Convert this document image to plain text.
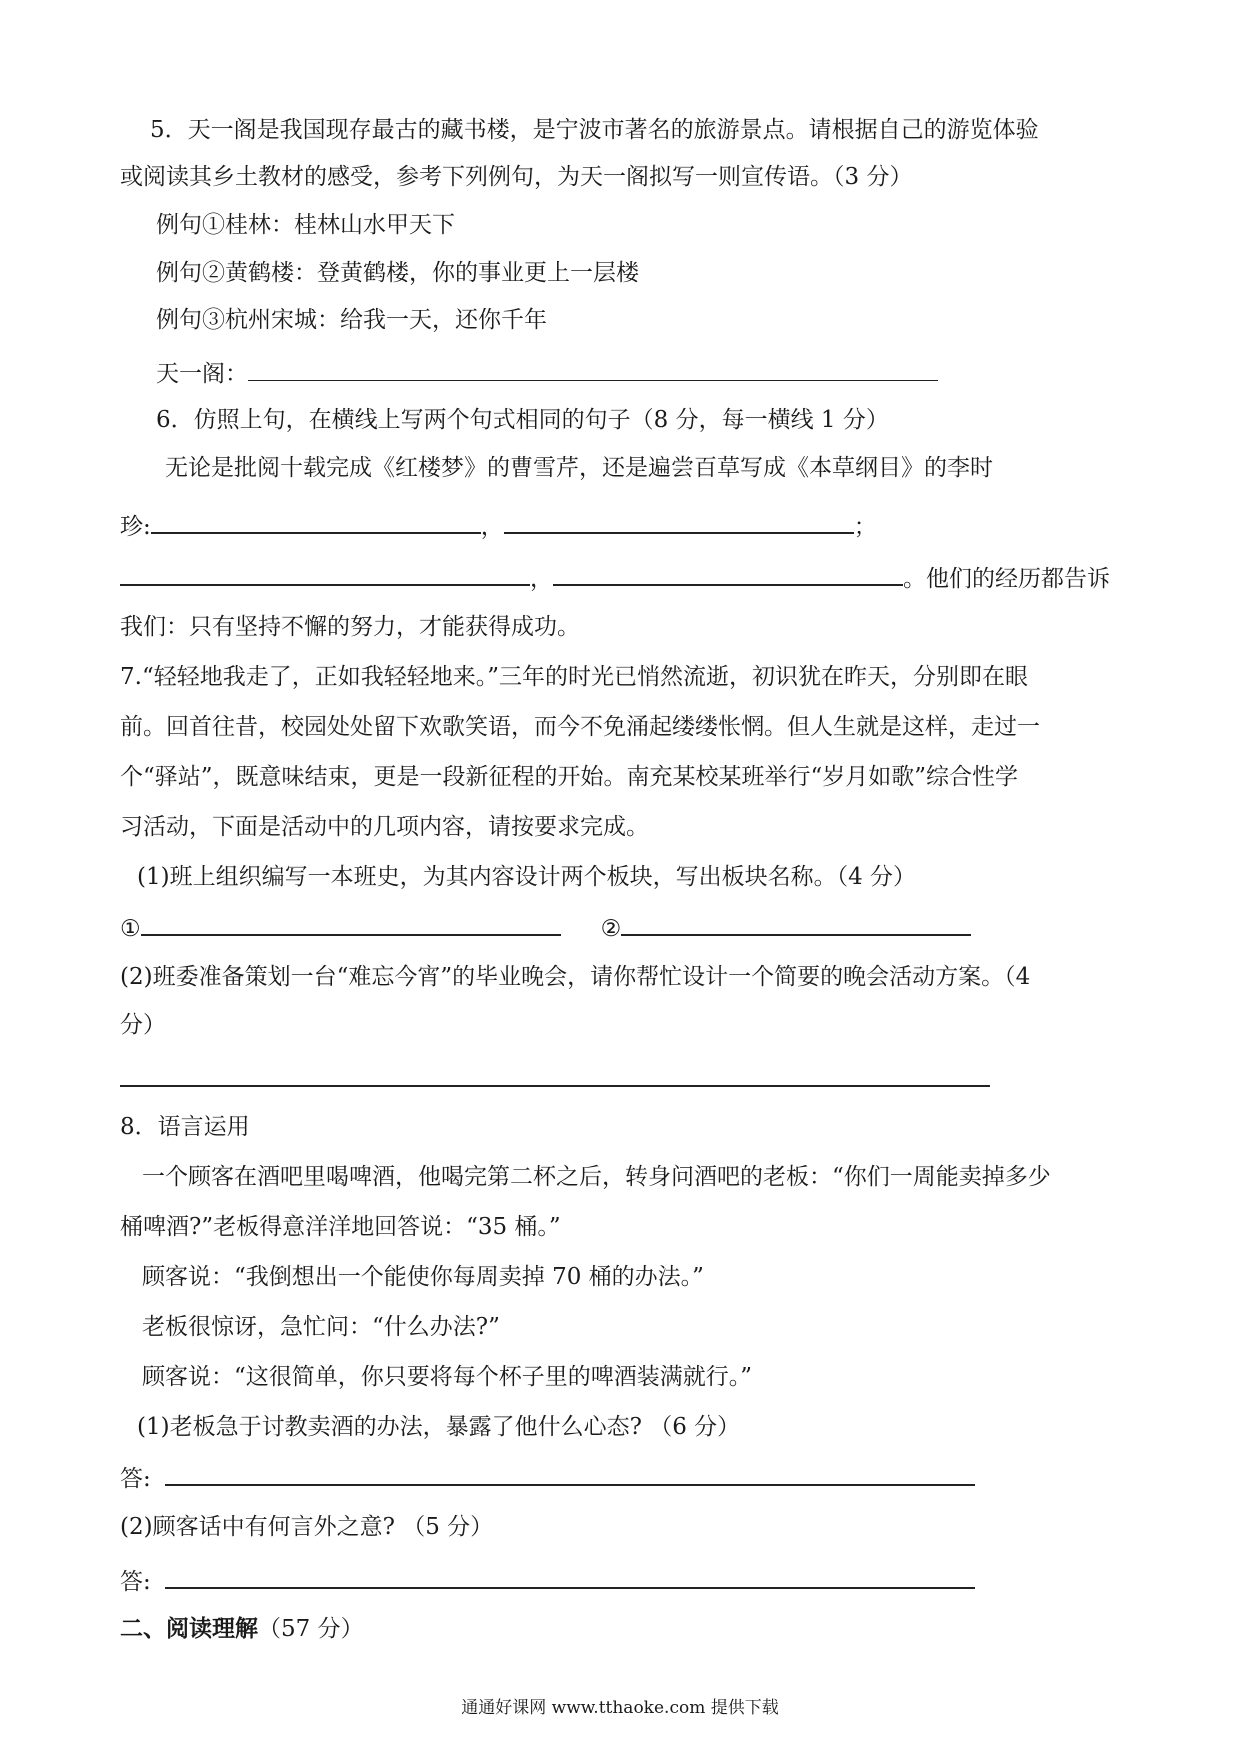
5．天一阁是我国现存最古的藏书楼，是宁波市著名的旅游景点。请根据自己的游览体验
或阅读其乡土教材的感受，参考下列例句，为天一阁拟写一则宣传语。（3 分）
例句①桂林：桂林山水甲天下
例句②黄鹤楼：登黄鹤楼，你的事业更上一层楼
例句③杭州宋城：给我一天，还你千年
天一阁：
6．仿照上句，在横线上写两个句式相同的句子（8 分，每一横线 1 分）
无论是批阅十载完成《红楼梦》的曹雪芹，还是遍尝百草写成《本草纲目》的李时
珍:	，	；
，	。他们的经历都告诉
我们：只有坚持不懈的努力，才能获得成功。
7.“轻轻地我走了，正如我轻轻地来。”三年的时光已悄然流逝，初识犹在昨天，分别即在眼
前。回首往昔，校园处处留下欢歌笑语，而今不免涌起缕缕怅惘。但人生就是这样，走过一
个“驿站”，既意味结束，更是一段新征程的开始。南充某校某班举行“岁月如歌”综合性学
习活动，下面是活动中的几项内容，请按要求完成。
(1)班上组织编写一本班史，为其内容设计两个板块，写出板块名称。（4 分）
①	②
(2)班委准备策划一台“难忘今宵”的毕业晚会，请你帮忙设计一个简要的晚会活动方案。（4
分）
8．语言运用
一个顾客在酒吧里喝啤酒，他喝完第二杯之后，转身问酒吧的老板：“你们一周能卖掉多少
桶啤酒?”老板得意洋洋地回答说：“35 桶。”
顾客说：“我倒想出一个能使你每周卖掉 70 桶的办法。”
老板很惊讶，急忙问：“什么办法?”
顾客说：“这很简单，你只要将每个杯子里的啤酒装满就行。”
(1)老板急于讨教卖酒的办法，暴露了他什么心态? （6 分）
答:
(2)顾客话中有何言外之意? （5 分）
答:
二、阅读理解（57 分）
通通好课网 www.tthaoke.com 提供下载
